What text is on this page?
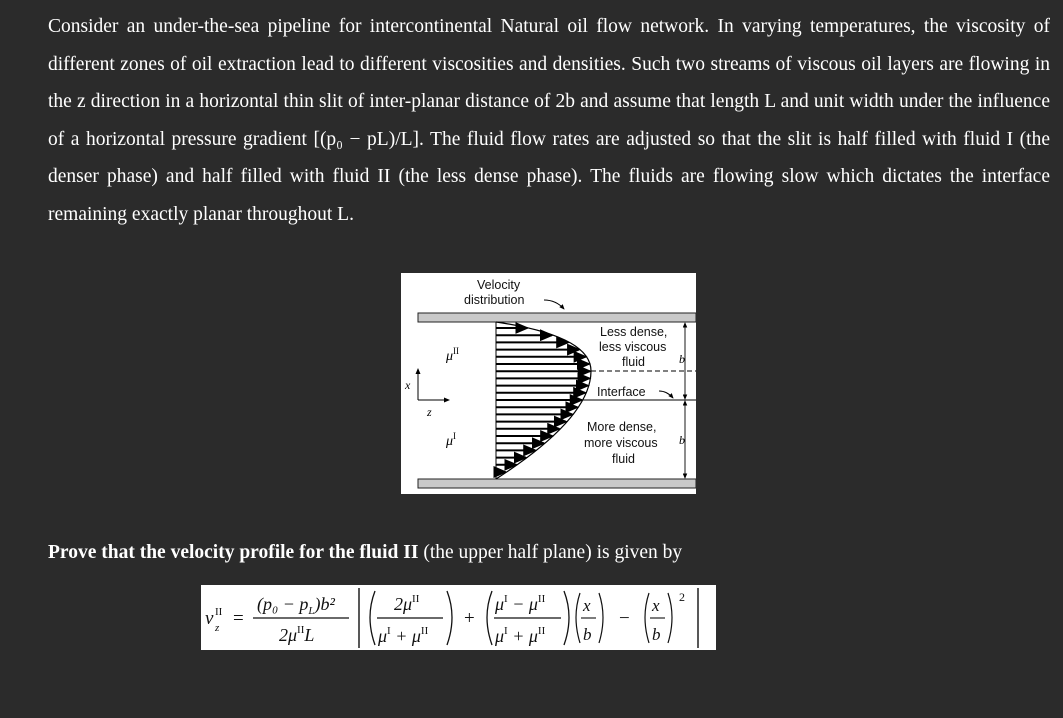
Consider an under-the-sea pipeline for intercontinental Natural oil flow network. In varying temperatures, the viscosity of different zones of oil extraction lead to different viscosities and densities. Such two streams of viscous oil layers are flowing in the z direction in a horizontal thin slit of inter-planar distance of 2b and assume that length L and unit width under the influence of a horizontal pressure gradient [(p₀ − pL)/L]. The fluid flow rates are adjusted so that the slit is half filled with fluid I (the denser phase) and half filled with fluid II (the less dense phase). The fluids are flowing slow which dictates the interface remaining exactly planar throughout L.
x
z
$\mu^{II}$
$\mu^I$
Velocity
distribution
Less dense,
less viscous
fluid
Interface
More dense,
more viscous
fluid
b
b
Prove that the velocity profile for the fluid II (the upper half plane) is given by
v II
z =
$(p_0 - p_L)b^2$
$2\mu^{II}L$
$2\mu^{II}$
$\mu^I + \mu^{II}$
+
$\mu^I - \mu^{II}$
$\mu^I + \mu^{II}$
x
b
−
x
b
2
